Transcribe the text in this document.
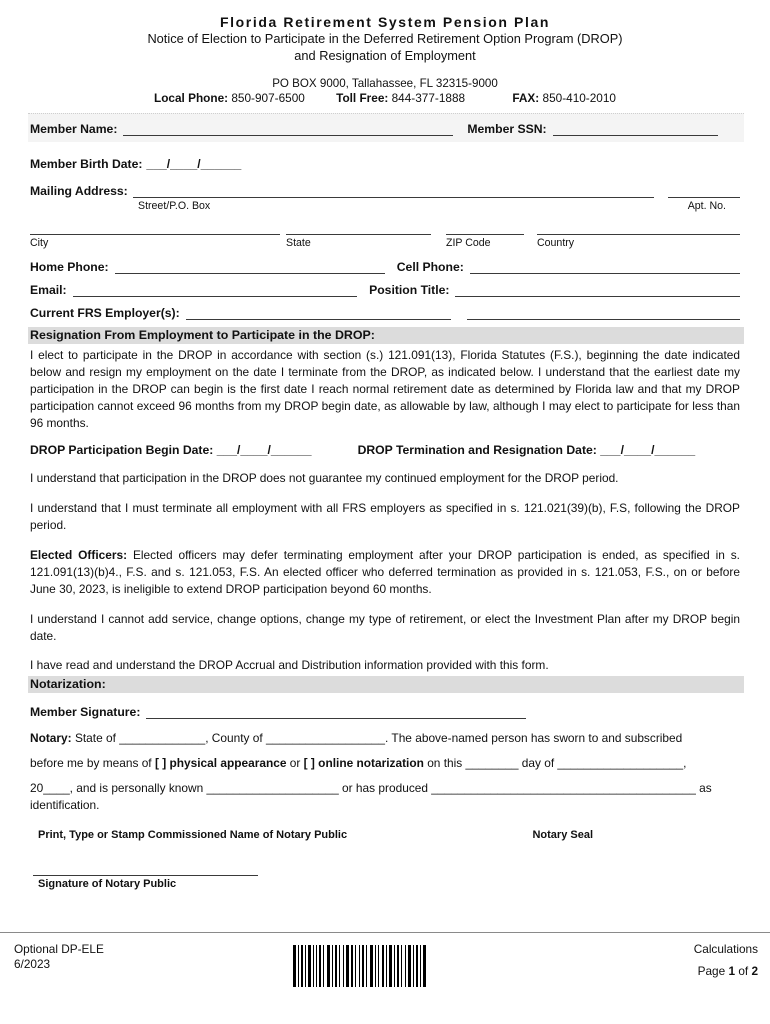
Florida Retirement System Pension Plan
Notice of Election to Participate in the Deferred Retirement Option Program (DROP)
and Resignation of Employment
PO BOX 9000, Tallahassee, FL 32315-9000
Local Phone: 850-907-6500	Toll Free: 844-377-1888	FAX: 850-410-2010
Member Name:	Member SSN:
Member Birth Date: ___/____/______
Mailing Address:
Street/P.O. Box	Apt. No.
City	State	ZIP Code	Country
Home Phone:	Cell Phone:
Email:	Position Title:
Current FRS Employer(s):
Resignation From Employment to Participate in the DROP:
I elect to participate in the DROP in accordance with section (s.) 121.091(13), Florida Statutes (F.S.), beginning the date indicated below and resign my employment on the date I terminate from the DROP, as indicated below. I understand that the earliest date my participation in the DROP can begin is the first date I reach normal retirement date as determined by Florida law and that my DROP participation cannot exceed 96 months from my DROP begin date, as allowable by law, although I may elect to participate for less than 96 months.
DROP Participation Begin Date: ___/____/______	DROP Termination and Resignation Date: ___/____/______
I understand that participation in the DROP does not guarantee my continued employment for the DROP period.
I understand that I must terminate all employment with all FRS employers as specified in s. 121.021(39)(b), F.S, following the DROP period.
Elected Officers: Elected officers may defer terminating employment after your DROP participation is ended, as specified in s. 121.091(13)(b)4., F.S. and s. 121.053, F.S. An elected officer who deferred termination as provided in s. 121.053, F.S., on or before June 30, 2023, is ineligible to extend DROP participation beyond 60 months.
I understand I cannot add service, change options, change my type of retirement, or elect the Investment Plan after my DROP begin date.
I have read and understand the DROP Accrual and Distribution information provided with this form.
Notarization:
Member Signature:
Notary: State of _____________, County of __________________. The above-named person has sworn to and subscribed
before me by means of [ ] physical appearance or [ ] online notarization on this ________ day of ___________________,
20____, and is personally known ____________________ or has produced ________________________________________ as identification.
Print, Type or Stamp Commissioned Name of Notary Public	Notary Seal
Signature of Notary Public
Optional DP-ELE
6/2023
Calculations
Page 1 of 2
